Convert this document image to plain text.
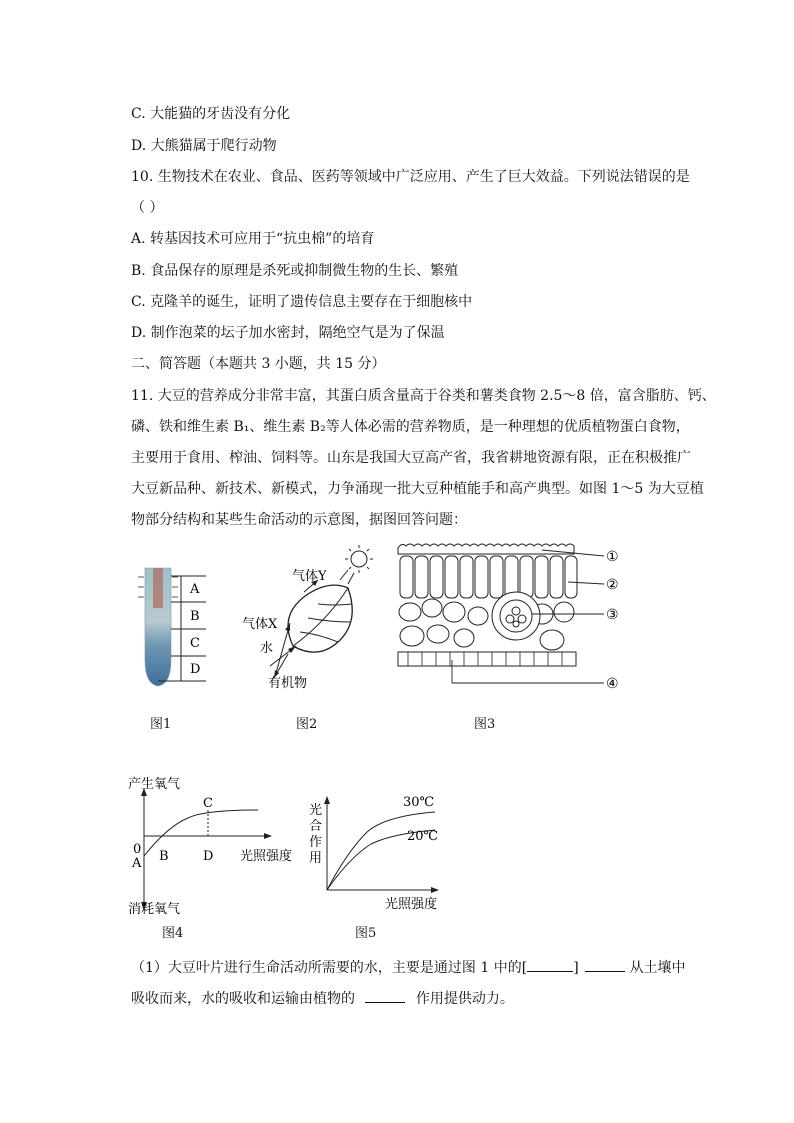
C. 大能猫的牙齿没有分化
D. 大熊猫属于爬行动物
10. 生物技术在农业、食品、医药等领域中广泛应用、产生了巨大效益。下列说法错误的是
（ ）
A. 转基因技术可应用于“抗虫棉”的培育
B. 食品保存的原理是杀死或抑制微生物的生长、繁殖
C. 克隆羊的诞生，证明了遗传信息主要存在于细胞核中
D. 制作泡菜的坛子加水密封，隔绝空气是为了保温
二、简答题（本题共 3 小题，共 15 分）
11. 大豆的营养成分非常丰富，其蛋白质含量高于谷类和薯类食物 2.5～8 倍，富含脂肪、钙、
磷、铁和维生素 B₁、维生素 B₂等人体必需的营养物质，是一种理想的优质植物蛋白食物，
主要用于食用、榨油、饲料等。山东是我国大豆高产省，我省耕地资源有限，正在积极推广
大豆新品种、新技术、新模式，力争涌现一批大豆种植能手和高产典型。如图 1～5 为大豆植
物部分结构和某些生命活动的示意图，据图回答问题：
A
B
C
D
图1
气体Y
气体X
水
有机物
图2
①
②
③
④
图3
产生氧气
消耗氧气
0
A B
C
D 光照强度
图4
光
合
作
用
30℃
20℃
光照强度
图5
（1）大豆叶片进行生命活动所需要的水，主要是通过图 1 中的[	]	从土壤中
吸收而来，水的吸收和运输由植物的	作用提供动力。
